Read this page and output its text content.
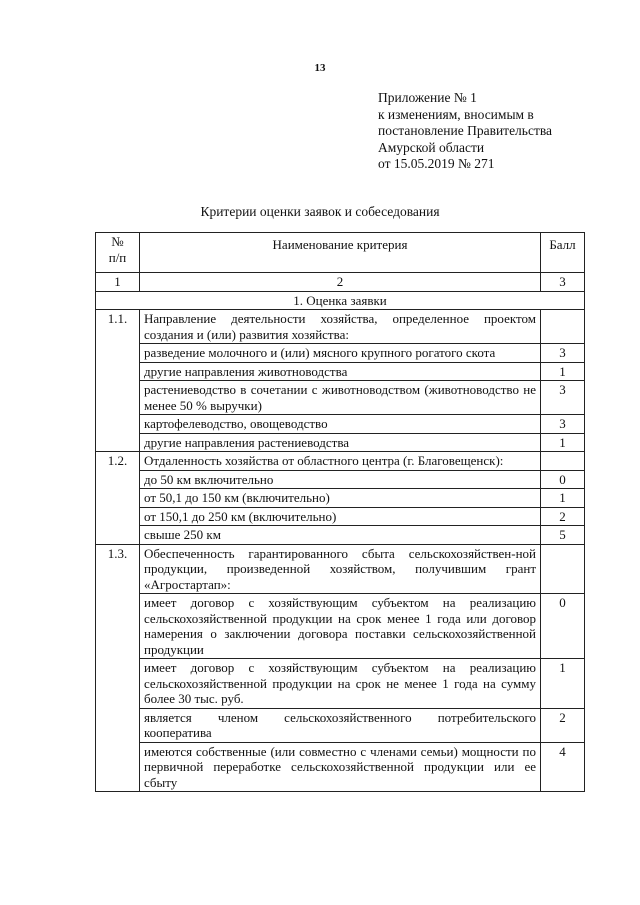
13
Приложение № 1
к изменениям, вносимым в
постановление Правительства
Амурской области
от 15.05.2019 № 271
Критерии оценки заявок и собеседования
№
п/п	Наименование критерия	Балл
1	2	3
1. Оценка заявки		
1.1.	Направление деятельности хозяйства, определенное проектом создания и (или) развития хозяйства:	
	разведение молочного и (или) мясного крупного рогатого скота	3
	другие направления животноводства	1
	растениеводство в сочетании с животноводством (животноводство не менее 50 % выручки)	3
	картофелеводство, овощеводство	3
	другие направления растениеводства	1
1.2.	Отдаленность хозяйства от областного центра (г. Благовещенск):	
	до 50 км включительно	0
	от 50,1 до 150 км (включительно)	1
	от 150,1 до 250 км (включительно)	2
	свыше 250 км	5
1.3.	Обеспеченность гарантированного сбыта сельскохозяйствен-ной продукции, произведенной хозяйством, получившим грант «Агростартап»:	
	имеет договор с хозяйствующим субъектом на реализацию сельскохозяйственной продукции на срок менее 1 года или договор намерения о заключении договора поставки сельскохозяйственной продукции	0
	имеет договор с хозяйствующим субъектом на реализацию сельскохозяйственной продукции на срок не менее 1 года на сумму более 30 тыс. руб.	1
	является членом сельскохозяйственного потребительского кооператива	2
	имеются собственные (или совместно с членами семьи) мощности по первичной переработке сельскохозяйственной продукции или ее сбыту	4
